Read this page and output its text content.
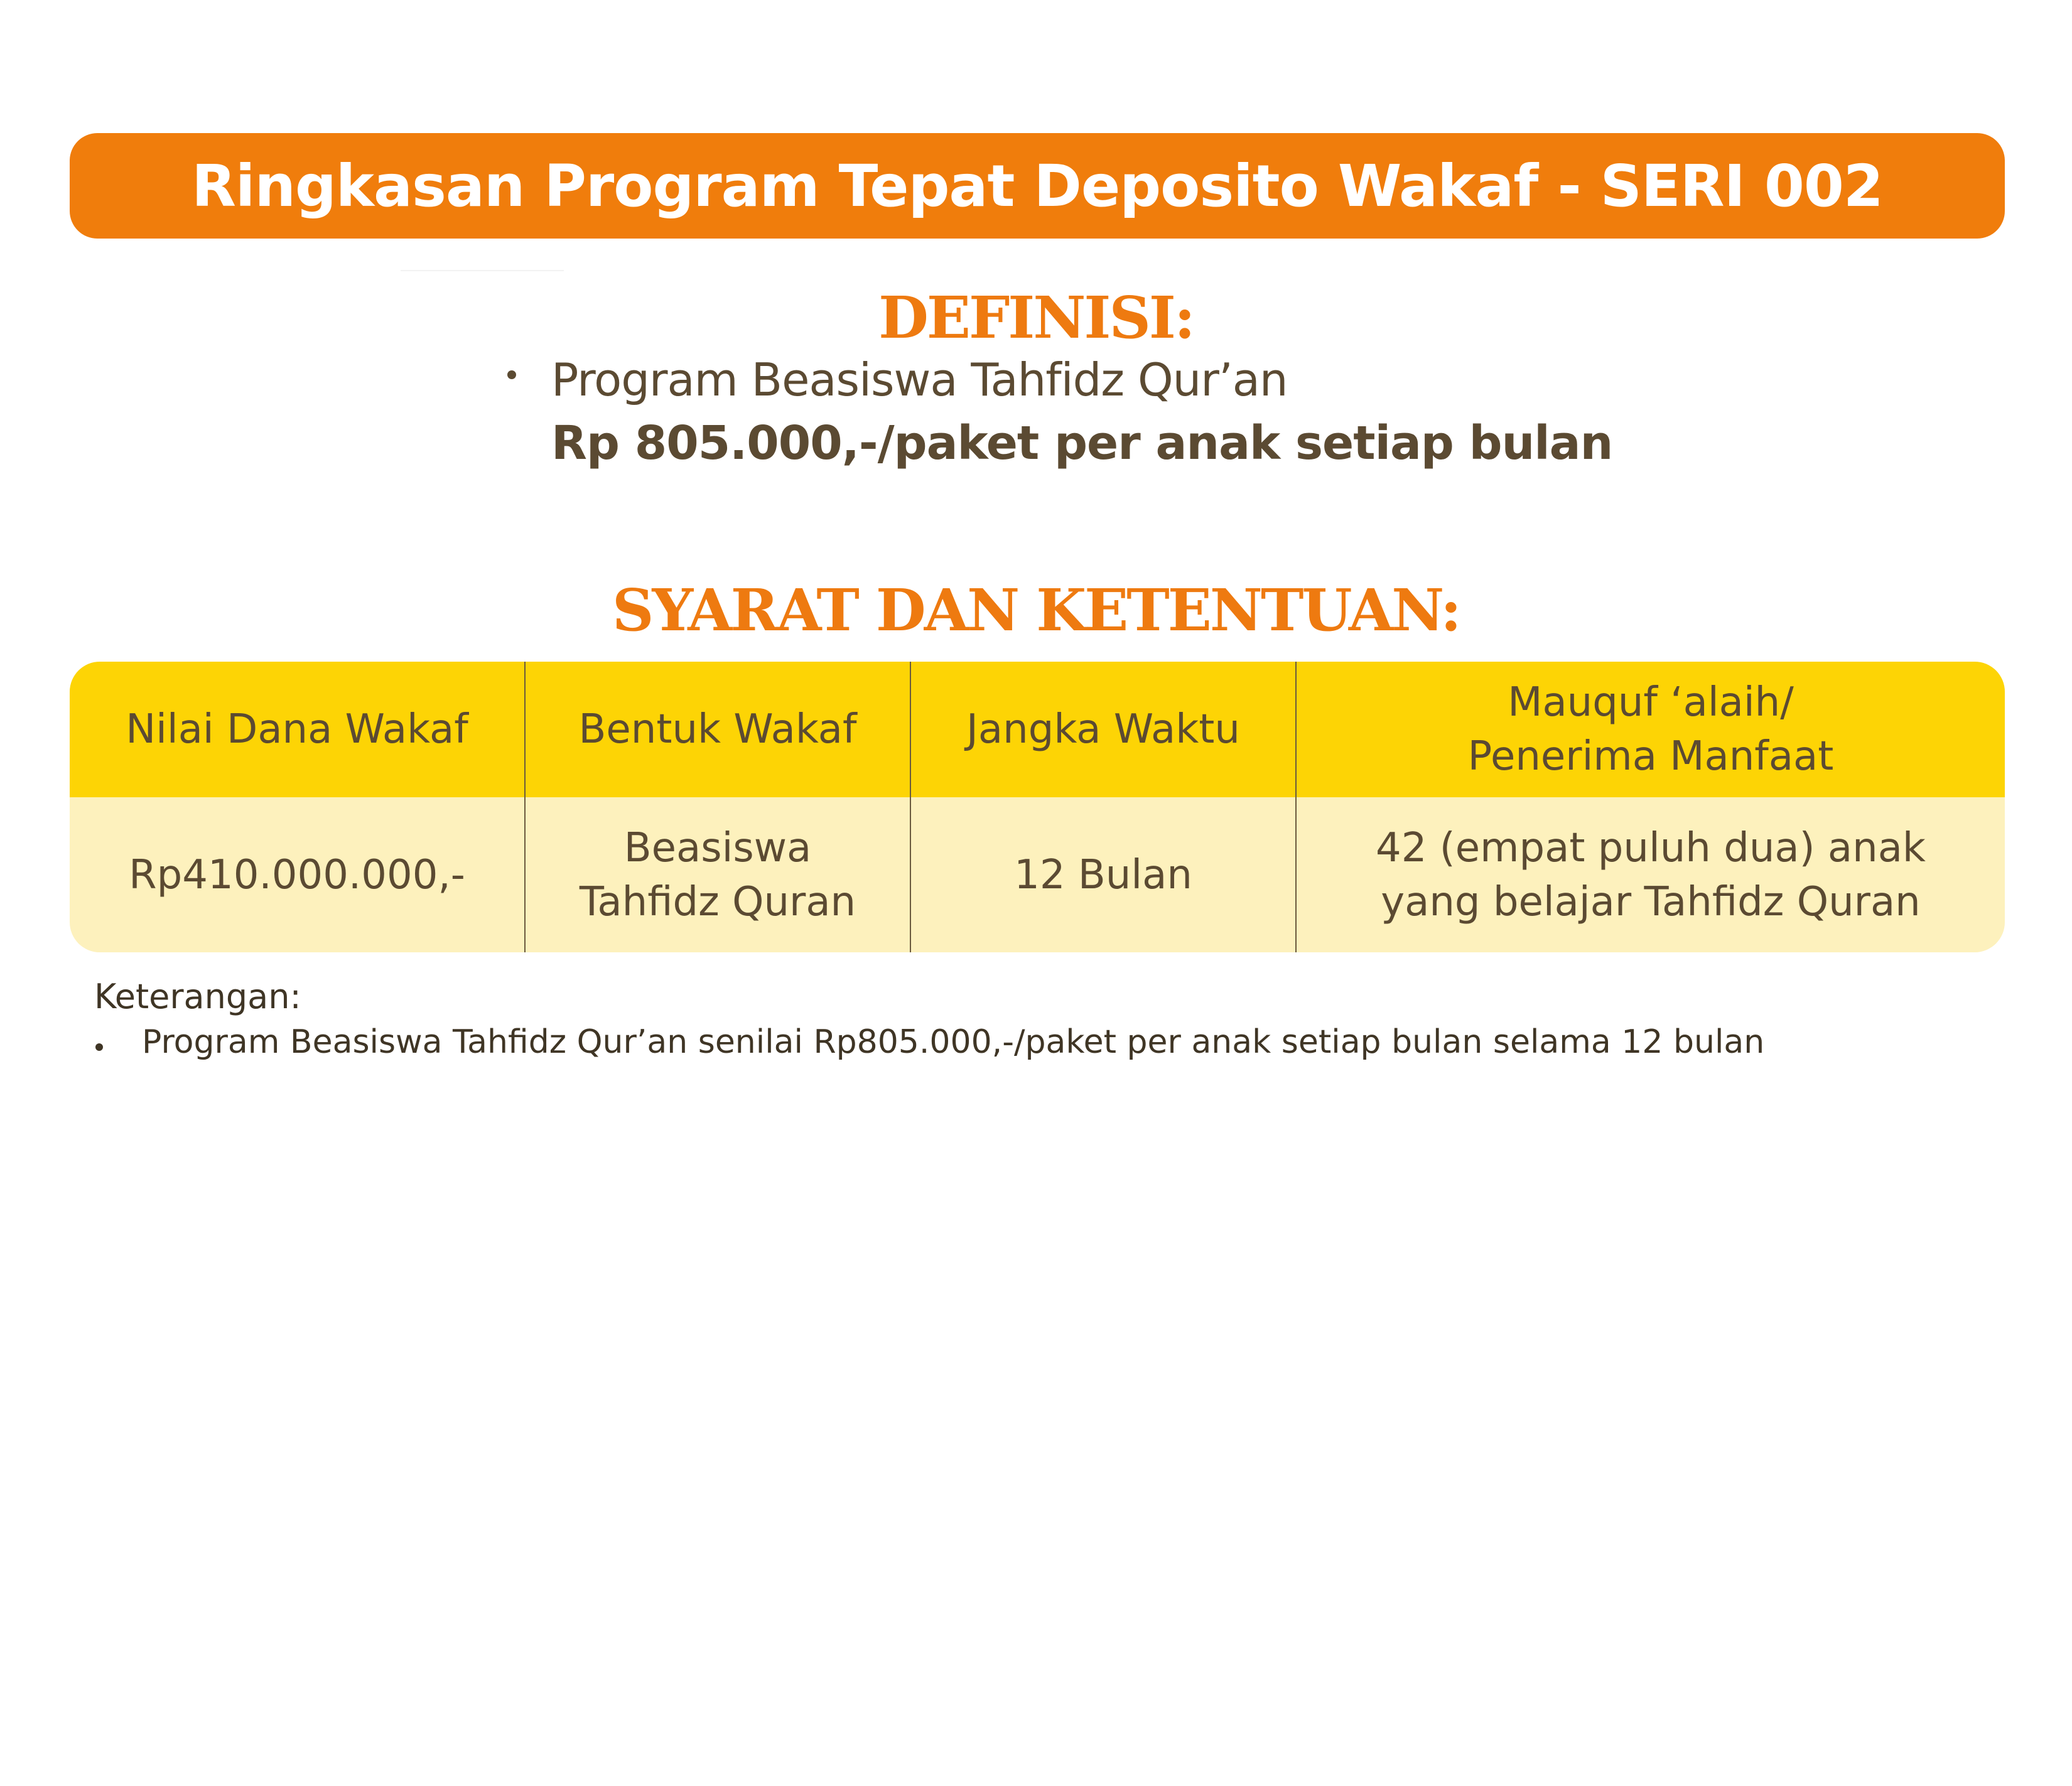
Ringkasan Program Tepat Deposito Wakaf - SERI 002
DEFINISI:
Program Beasiswa Tahfidz Qur’an
Rp 805.000,-/paket per anak setiap bulan
SYARAT DAN KETENTUAN:
Nilai Dana Wakaf	Bentuk Wakaf	Jangka Waktu
Mauquf ‘alaih/
Penerima Manfaat
Rp410.000.000,-
Beasiswa
Tahfidz Quran
12 Bulan
42 (empat puluh dua) anak
yang belajar Tahfidz Quran
Keterangan:
Program Beasiswa Tahfidz Qur’an senilai Rp805.000,-/paket per anak setiap bulan selama 12 bulan
